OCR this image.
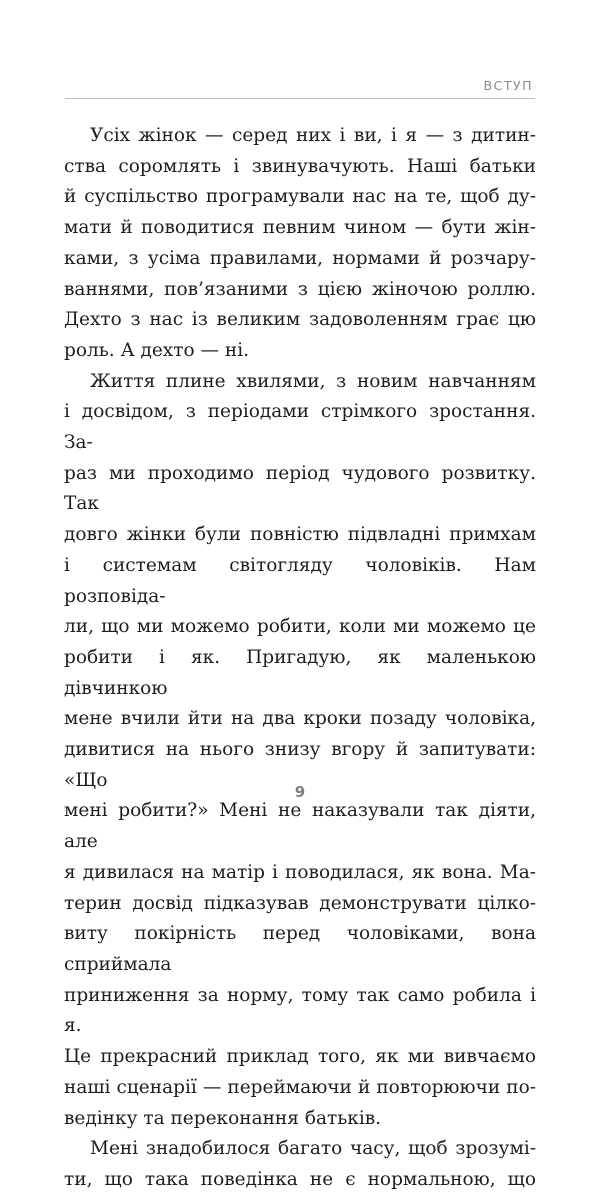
ВСТУП
Усіх жінок — серед них і ви, і я — з дитин-
ства соромлять і звинувачують. Наші батьки
й суспільство програмували нас на те, щоб ду-
мати й поводитися певним чином — бути жін-
ками, з усіма правилами, нормами й розчару-
ваннями, пов’язаними з цією жіночою роллю.
Дехто з нас із великим задоволенням грає цю
роль. А дехто — ні.
Життя плине хвилями, з новим навчанням
і досвідом, з періодами стрімкого зростання. За-
раз ми проходимо період чудового розвитку. Так
довго жінки були повністю підвладні примхам
і системам світогляду чоловіків. Нам розповіда-
ли, що ми можемо робити, коли ми можемо це
робити і як. Пригадую, як маленькою дівчинкою
мене вчили йти на два кроки позаду чоловіка,
дивитися на нього знизу вгору й запитувати: «Що
мені робити?» Мені не наказували так діяти, але
я дивилася на матір і поводилася, як вона. Ма-
терин досвід підказував демонструвати цілко-
виту покірність перед чоловіками, вона сприймала
приниження за норму, тому так само робила і я.
Це прекрасний приклад того, як ми вивчаємо
наші сценарії — переймаючи й повторюючи по-
ведінку та переконання батьків.
Мені знадобилося багато часу, щоб зрозумі-
ти, що така поведінка не є нормальною, що
9
